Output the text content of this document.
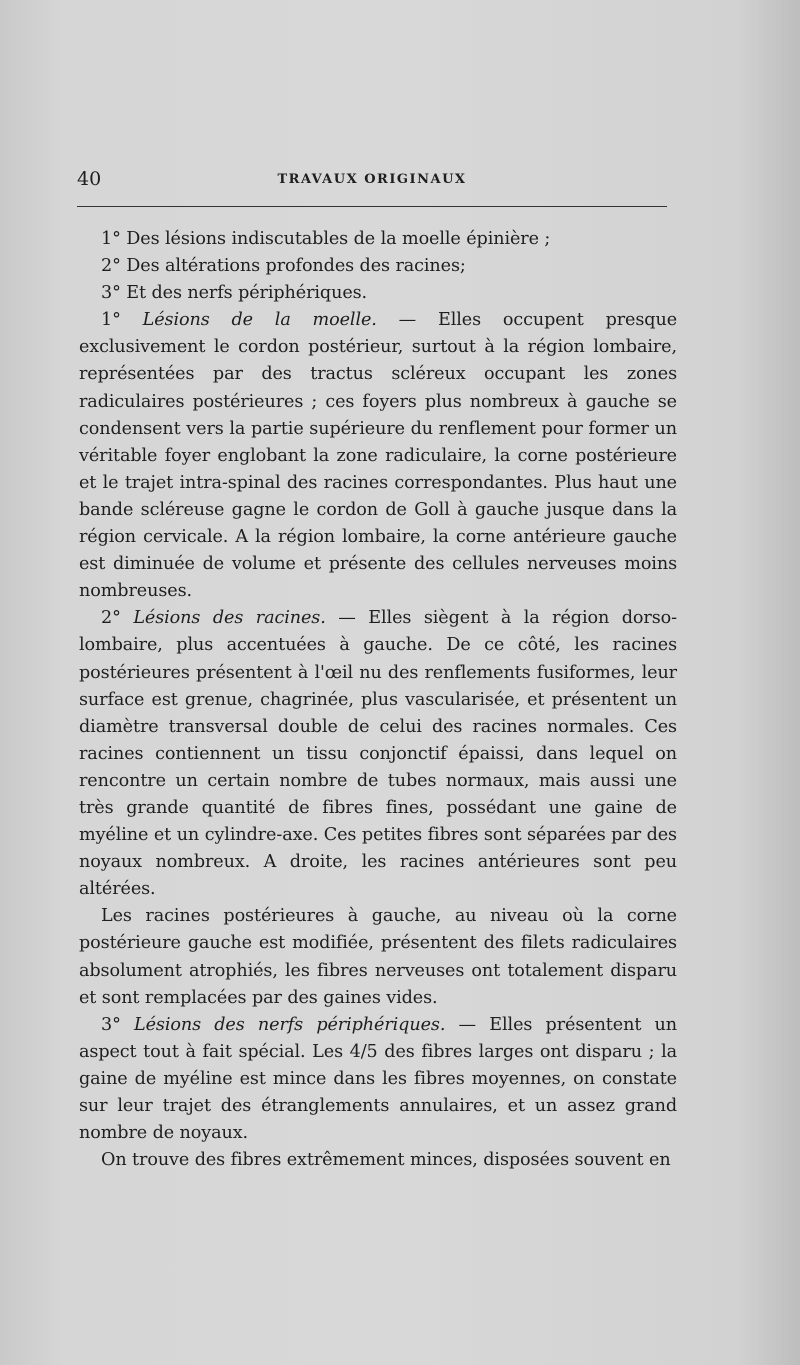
40	TRAVAUX ORIGINAUX

1° Des lésions indiscutables de la moelle épinière ;

2° Des altérations profondes des racines;

3° Et des nerfs périphériques.

1° Lésions de la moelle. — Elles occupent presque exclusivement le cordon postérieur, surtout à la région lombaire, représentées par des tractus scléreux occupant les zones radiculaires postérieures ; ces foyers plus nombreux à gauche se condensent vers la partie supérieure du renflement pour former un véritable foyer englobant la zone radiculaire, la corne postérieure et le trajet intra-spinal des racines correspondantes. Plus haut une bande scléreuse gagne le cordon de Goll à gauche jusque dans la région cervicale. A la région lombaire, la corne antérieure gauche est diminuée de volume et présente des cellules nerveuses moins nombreuses.

2° Lésions des racines. — Elles siègent à la région dorso-lombaire, plus accentuées à gauche. De ce côté, les racines postérieures présentent à l'œil nu des renflements fusiformes, leur surface est grenue, chagrinée, plus vascularisée, et présentent un diamètre transversal double de celui des racines normales. Ces racines contiennent un tissu conjonctif épaissi, dans lequel on rencontre un certain nombre de tubes normaux, mais aussi une très grande quantité de fibres fines, possédant une gaine de myéline et un cylindre-axe. Ces petites fibres sont séparées par des noyaux nombreux. A droite, les racines antérieures sont peu altérées.

Les racines postérieures à gauche, au niveau où la corne postérieure gauche est modifiée, présentent des filets radiculaires absolument atrophiés, les fibres nerveuses ont totalement disparu et sont remplacées par des gaines vides.

3° Lésions des nerfs périphériques. — Elles présentent un aspect tout à fait spécial. Les 4/5 des fibres larges ont disparu ; la gaine de myéline est mince dans les fibres moyennes, on constate sur leur trajet des étranglements annulaires, et un assez grand nombre de noyaux.

On trouve des fibres extrêmement minces, disposées souvent en
